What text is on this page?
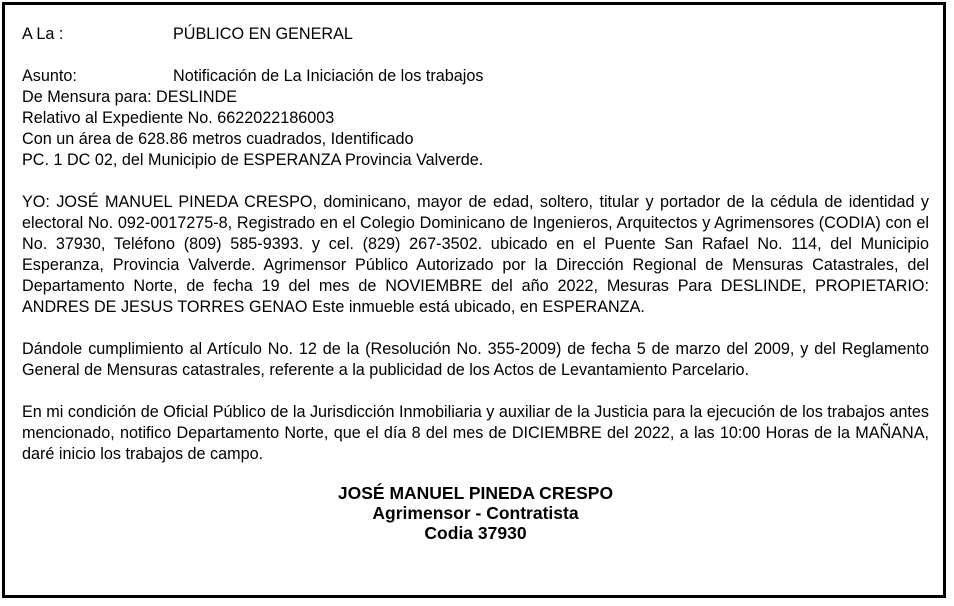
A La :	PÚBLICO EN GENERAL
Asunto:	Notificación de La Iniciación de los trabajos
De Mensura para: DESLINDE
Relativo al Expediente No. 6622022186003
Con un área de 628.86 metros cuadrados, Identificado
PC. 1 DC 02, del Municipio de ESPERANZA Provincia Valverde.

YO: JOSÉ MANUEL PINEDA CRESPO, dominicano, mayor de edad, soltero, titular y portador de la cédula de identidad y electoral No. 092-0017275-8, Registrado en el Colegio Dominicano de Ingenieros, Arquitectos y Agrimensores (CODIA) con el No. 37930, Teléfono (809) 585-9393. y cel. (829) 267-3502. ubicado en el Puente San Rafael No. 114, del Municipio Esperanza, Provincia Valverde. Agrimensor Público Autorizado por la Dirección Regional de Mensuras Catastrales, del Departamento Norte, de fecha 19 del mes de NOVIEMBRE del año 2022, Mesuras Para DESLINDE, PROPIETARIO: ANDRES DE JESUS TORRES GENAO Este inmueble está ubicado, en ESPERANZA.

Dándole cumplimiento al Artículo No. 12 de la (Resolución No. 355-2009) de fecha 5 de marzo del 2009, y del Reglamento General de Mensuras catastrales, referente a la publicidad de los Actos de Levantamiento Parcelario.

En mi condición de Oficial Público de la Jurisdicción Inmobiliaria y auxiliar de la Justicia para la ejecución de los trabajos antes mencionado, notifico Departamento Norte, que el día 8 del mes de DICIEMBRE del 2022, a las 10:00 Horas de la MAÑANA, daré inicio los trabajos de campo.

JOSÉ MANUEL PINEDA CRESPO
Agrimensor - Contratista
Codia 37930
